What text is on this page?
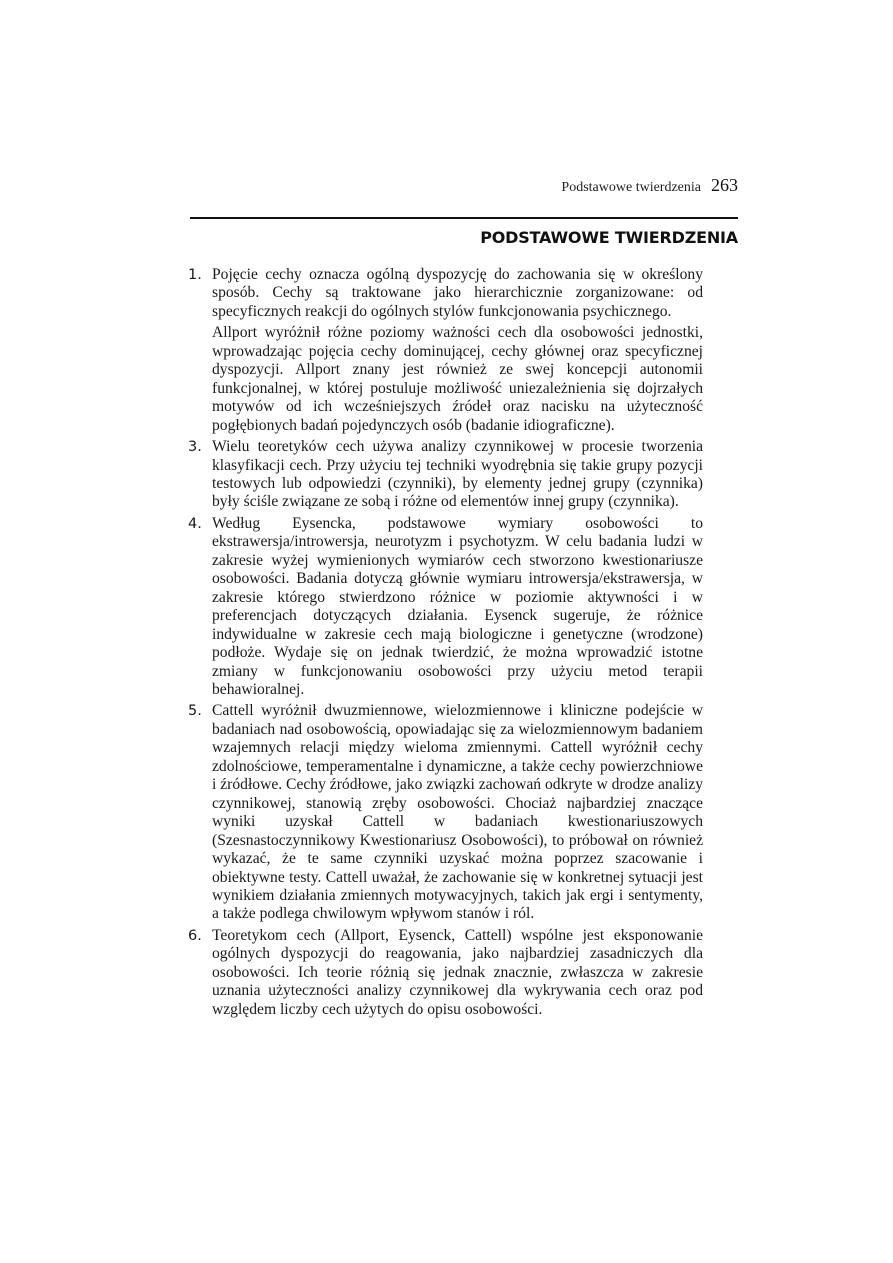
Podstawowe twierdzenia 263
PODSTAWOWE TWIERDZENIA
1. Pojęcie cechy oznacza ogólną dyspozycję do zachowania się w określony sposób. Cechy są traktowane jako hierarchicznie zorganizowane: od specyficznych reakcji do ogólnych stylów funkcjonowania psychicznego.

Allport wyróżnił różne poziomy ważności cech dla osobowości jednostki, wprowadzając pojęcia cechy dominującej, cechy głównej oraz specyficznej dyspozycji. Allport znany jest również ze swej koncepcji autonomii funkcjonalnej, w której postuluje możliwość uniezależnienia się dojrzałych motywów od ich wcześniejszych źródeł oraz nacisku na użyteczność pogłębionych badań pojedynczych osób (badanie idiograficzne).

3. Wielu teoretyków cech używa analizy czynnikowej w procesie tworzenia klasyfikacji cech. Przy użyciu tej techniki wyodrębnia się takie grupy pozycji testowych lub odpowiedzi (czynniki), by elementy jednej grupy (czynnika) były ściśle związane ze sobą i różne od elementów innej grupy (czynnika).

4. Według Eysencka, podstawowe wymiary osobowości to ekstrawersja/introwersja, neurotyzm i psychotyzm. W celu badania ludzi w zakresie wyżej wymienionych wymiarów cech stworzono kwestionariusze osobowości. Badania dotyczą głównie wymiaru introwersja/ekstrawersja, w zakresie którego stwierdzono różnice w poziomie aktywności i w preferencjach dotyczących działania. Eysenck sugeruje, że różnice indywidualne w zakresie cech mają biologiczne i genetyczne (wrodzone) podłoże. Wydaje się on jednak twierdzić, że można wprowadzić istotne zmiany w funkcjonowaniu osobowości przy użyciu metod terapii behawioralnej.

5. Cattell wyróżnił dwuzmiennowe, wielozmiennowe i kliniczne podejście w badaniach nad osobowością, opowiadając się za wielozmiennowym badaniem wzajemnych relacji między wieloma zmiennymi. Cattell wyróżnił cechy zdolnościowe, temperamentalne i dynamiczne, a także cechy powierzchniowe i źródłowe. Cechy źródłowe, jako związki zachowań odkryte w drodze analizy czynnikowej, stanowią zręby osobowości. Chociaż najbardziej znaczące wyniki uzyskał Cattell w badaniach kwestionariuszowych (Szesnastoczynnikowy Kwestionariusz Osobowości), to próbował on również wykazać, że te same czynniki uzyskać można poprzez szacowanie i obiektywne testy. Cattell uważał, że zachowanie się w konkretnej sytuacji jest wynikiem działania zmiennych motywacyjnych, takich jak ergi i sentymenty, a także podlega chwilowym wpływom stanów i ról.

6. Teoretykom cech (Allport, Eysenck, Cattell) wspólne jest eksponowanie ogólnych dyspozycji do reagowania, jako najbardziej zasadniczych dla osobowości. Ich teorie różnią się jednak znacznie, zwłaszcza w zakresie uznania użyteczności analizy czynnikowej dla wykrywania cech oraz pod względem liczby cech użytych do opisu osobowości.
